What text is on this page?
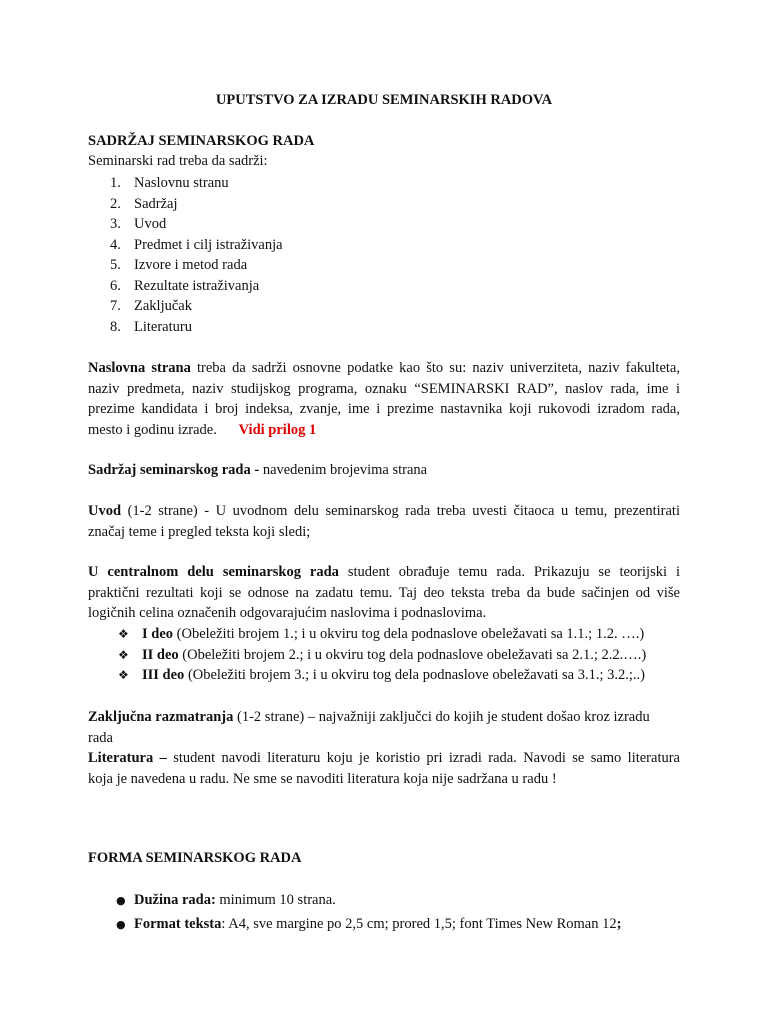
UPUTSTVO ZA IZRADU SEMINARSKIH RADOVA

SADRŽAJ SEMINARSKOG RADA

Seminarski rad treba da sadrži:

1. Naslovnu stranu
2. Sadržaj
3. Uvod
4. Predmet i cilj istraživanja
5. Izvore i metod rada
6. Rezultate istraživanja
7. Zaključak
8. Literaturu
Naslovna strana treba da sadrži osnovne podatke kao što su: naziv univerziteta, naziv fakulteta,
naziv predmeta, naziv studijskog programa, oznaku “SEMINARSKI RAD”, naslov rada, ime i
prezime kandidata i broj indeksa, zvanje, ime i prezime nastavnika koji rukovodi izradom rada,
mesto i godinu izrade. Vidi prilog 1
Sadržaj seminarskog rada - navedenim brojevima strana
Uvod (1-2 strane) - U uvodnom delu seminarskog rada treba uvesti čitaoca u temu, prezentirati
značaj teme i pregled teksta koji sledi;
U centralnom delu seminarskog rada student obrađuje temu rada. Prikazuju se teorijski i
praktični rezultati koji se odnose na zadatu temu. Taj deo teksta treba da bude sačinjen od više
logičnih celina označenih odgovarajućim naslovima i podnaslovima.
❖ I deo (Obeležiti brojem 1.; i u okviru tog dela podnaslove obeležavati sa 1.1.; 1.2. ….)
❖ II deo (Obeležiti brojem 2.; i u okviru tog dela podnaslove obeležavati sa 2.1.; 2.2.….)
❖ III deo (Obeležiti brojem 3.; i u okviru tog dela podnaslove obeležavati sa 3.1.; 3.2.;..)
Zaključna razmatranja (1-2 strane) – najvažniji zaključci do kojih je student došao kroz izradu
rada
Literatura – student navodi literaturu koju je koristio pri izradi rada. Navodi se samo literatura
koja je navedena u radu. Ne sme se navoditi literatura koja nije sadržana u radu !

FORMA SEMINARSKOG RADA

● Dužina rada: minimum 10 strana.
● Format teksta: A4, sve margine po 2,5 cm; prored 1,5; font Times New Roman 12;
